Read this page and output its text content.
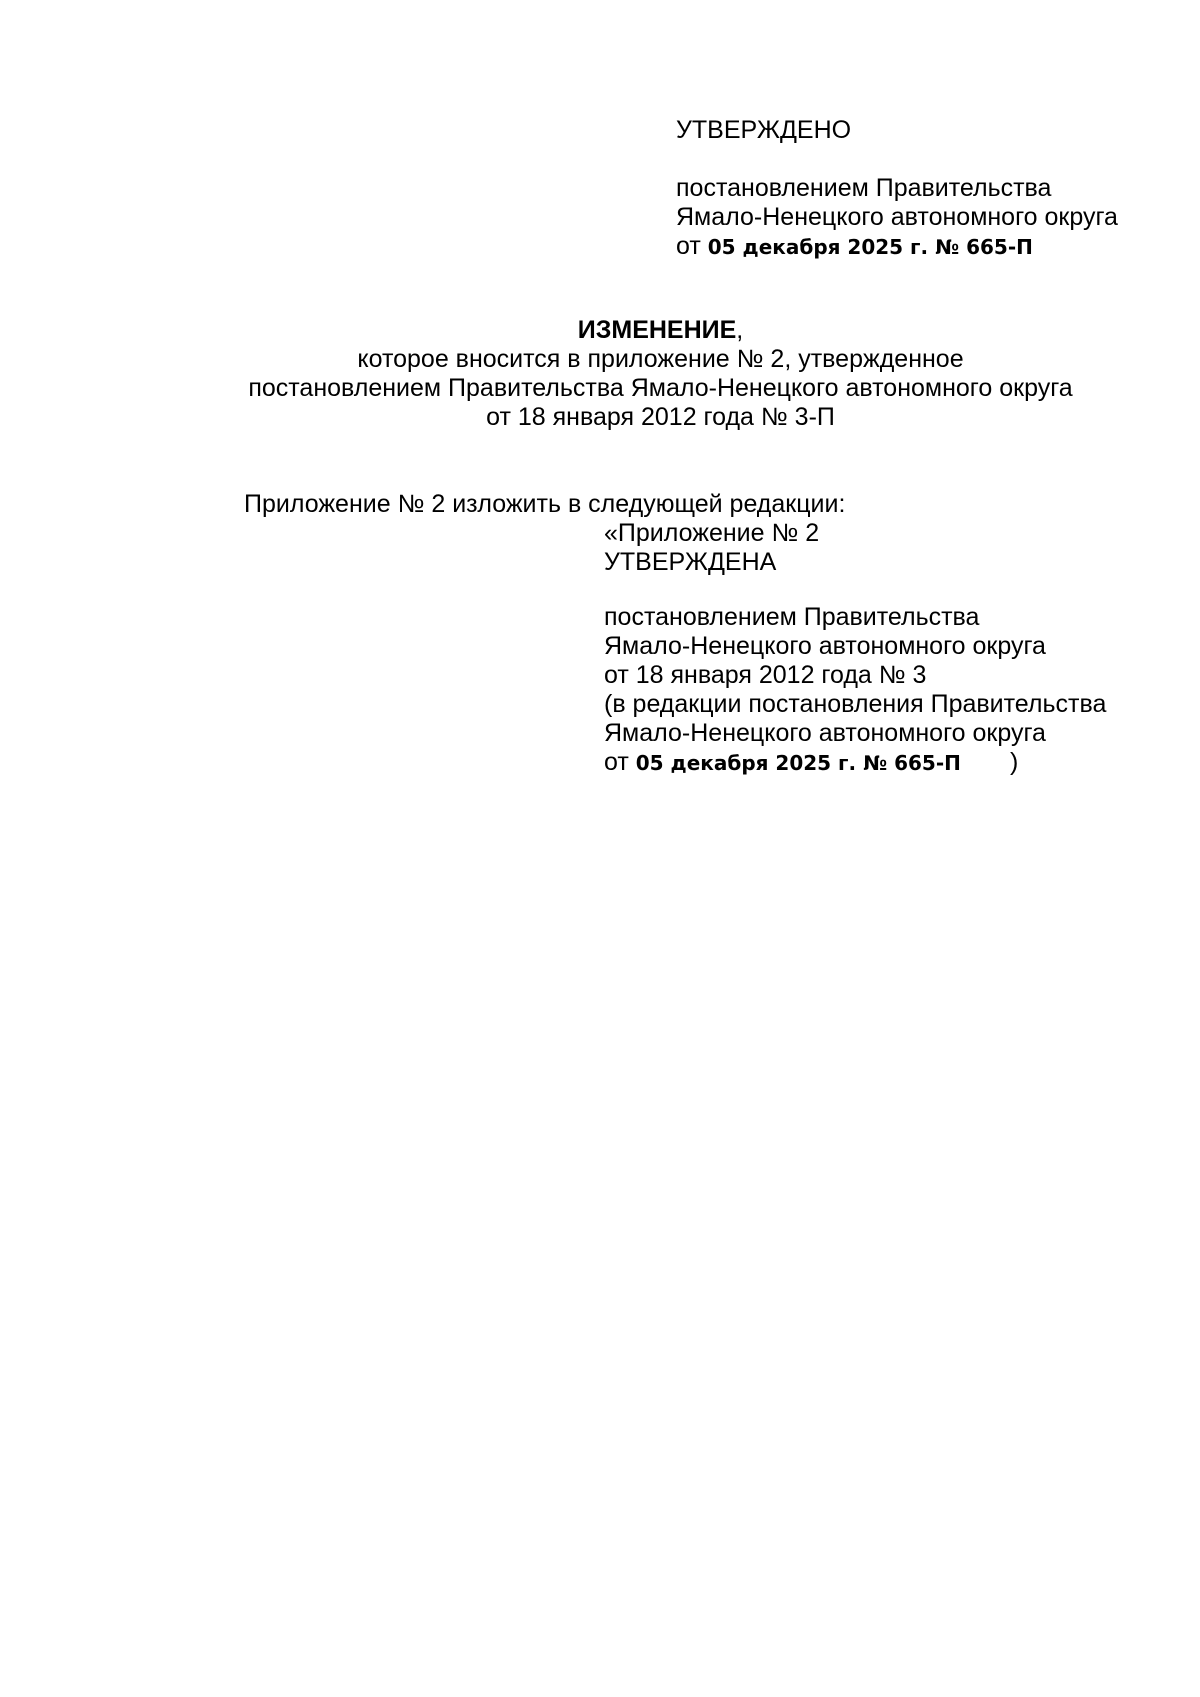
УТВЕРЖДЕНО
постановлением Правительства
Ямало-Ненецкого автономного округа
от 05 декабря 2025 г. № 665-П
ИЗМЕНЕНИЕ,
которое вносится в приложение № 2, утвержденное
постановлением Правительства Ямало-Ненецкого автономного округа
от 18 января 2012 года № 3-П
Приложение № 2 изложить в следующей редакции:
«Приложение № 2
УТВЕРЖДЕНА
постановлением Правительства
Ямало-Ненецкого автономного округа
от 18 января 2012 года № 3
(в редакции постановления Правительства
Ямало-Ненецкого автономного округа
от 05 декабря 2025 г. № 665-П )
